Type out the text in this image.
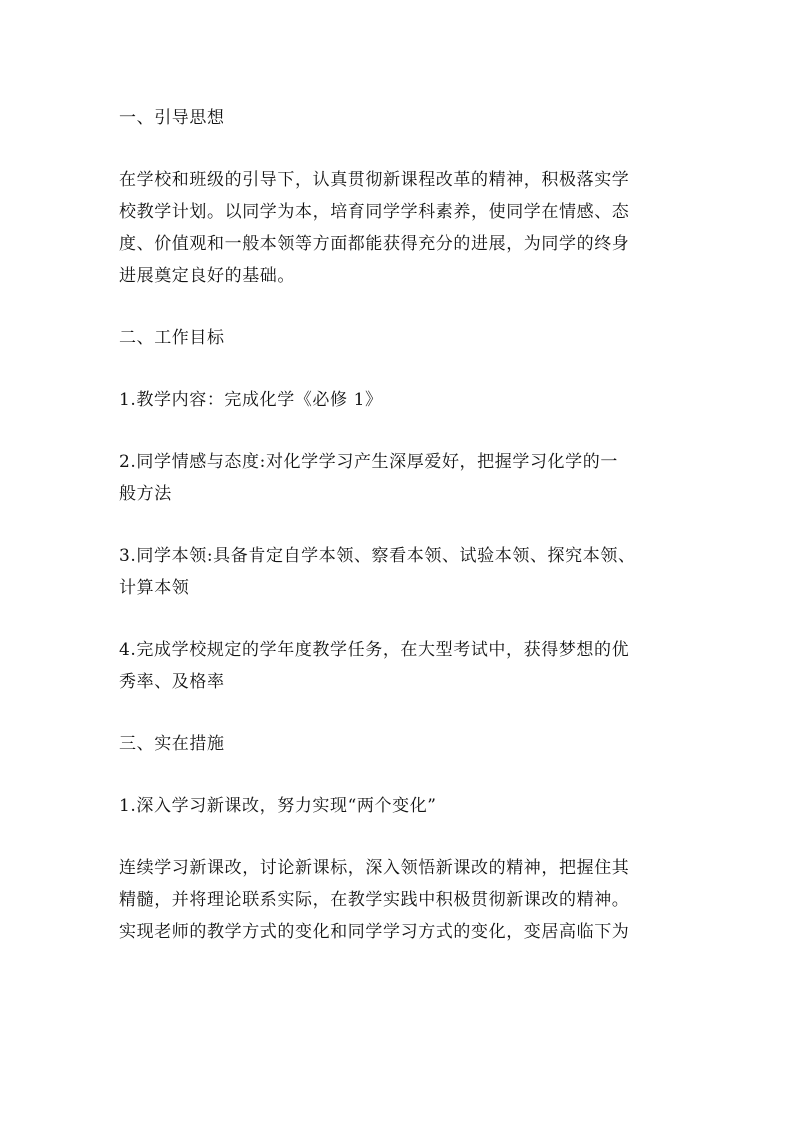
一、引导思想

在学校和班级的引导下，认真贯彻新课程改革的精神，积极落实学
校教学计划。以同学为本，培育同学学科素养，使同学在情感、态
度、价值观和一般本领等方面都能获得充分的进展，为同学的终身
进展奠定良好的基础。

二、工作目标

1.教学内容：完成化学《必修 1》

2.同学情感与态度:对化学学习产生深厚爱好，把握学习化学的一
般方法

3.同学本领:具备肯定自学本领、察看本领、试验本领、探究本领、
计算本领

4.完成学校规定的学年度教学任务，在大型考试中，获得梦想的优
秀率、及格率

三、实在措施

1.深入学习新课改，努力实现“两个变化”

连续学习新课改，讨论新课标，深入领悟新课改的精神，把握住其
精髓，并将理论联系实际，在教学实践中积极贯彻新课改的精神。
实现老师的教学方式的变化和同学学习方式的变化，变居高临下为
